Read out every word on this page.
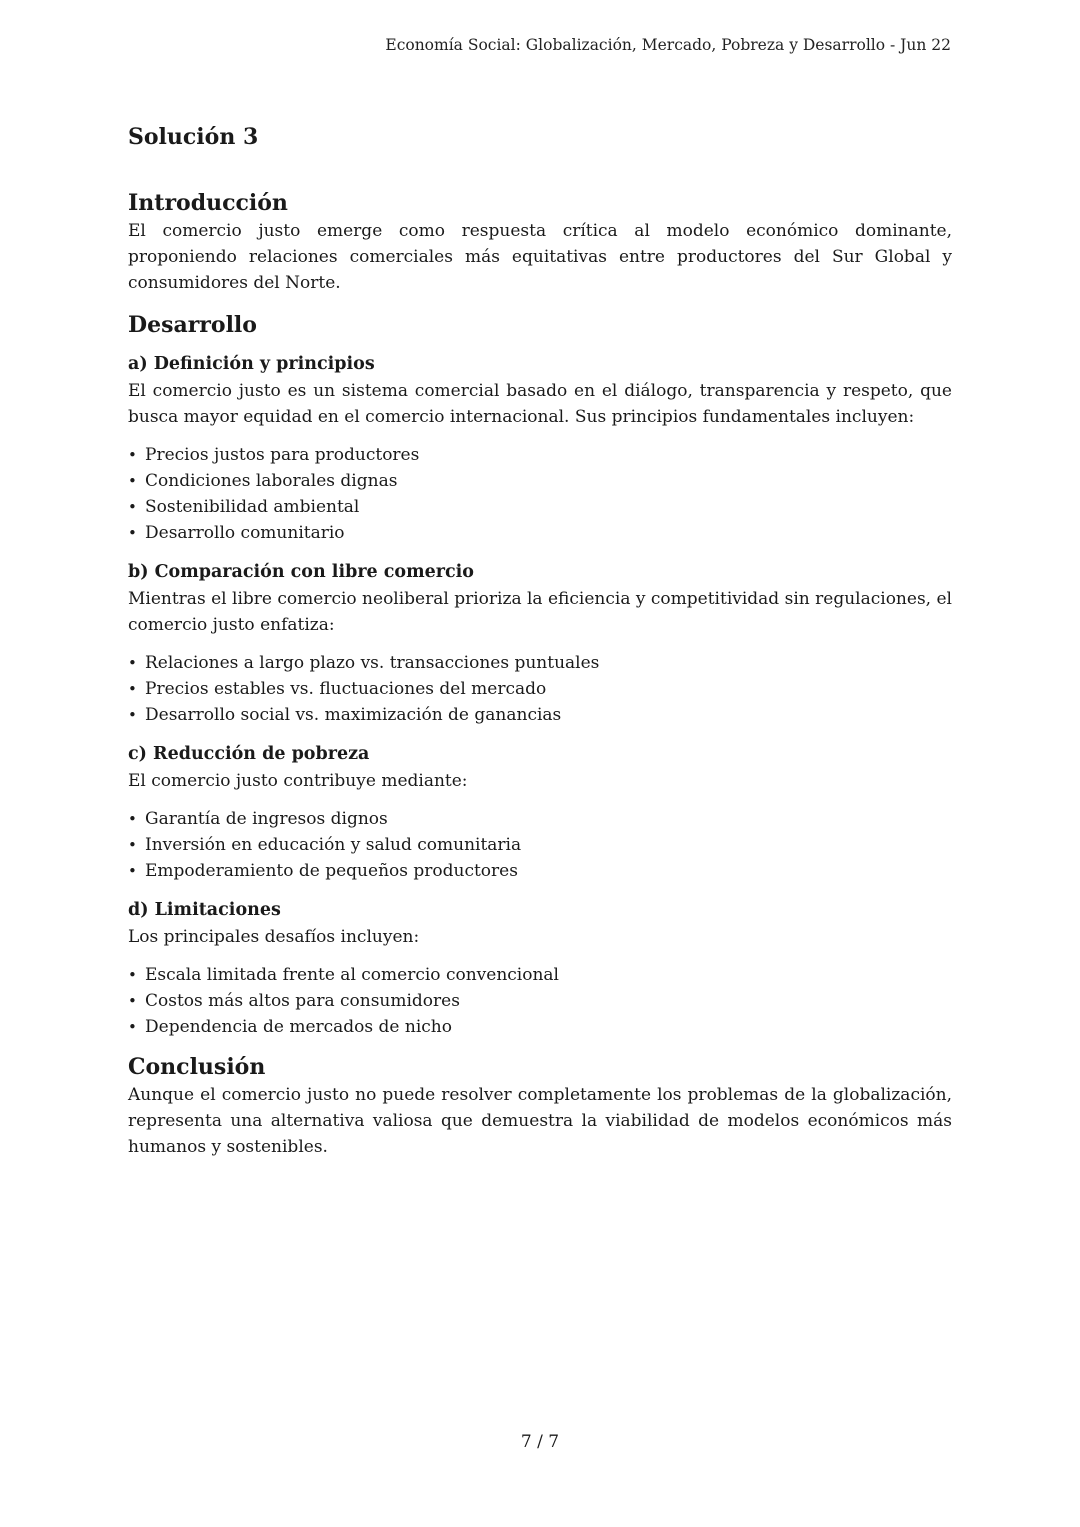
Economía Social: Globalización, Mercado, Pobreza y Desarrollo - Jun 22
Solución 3
Introducción

El comercio justo emerge como respuesta crítica al modelo económico dominante, proponiendo relaciones comerciales más equitativas entre productores del Sur Global y consumidores del Norte.

Desarrollo
a) Definición y principios

El comercio justo es un sistema comercial basado en el diálogo, transparencia y respeto, que busca mayor equidad en el comercio internacional. Sus principios fundamentales incluyen:

• Precios justos para productores
• Condiciones laborales dignas
• Sostenibilidad ambiental
• Desarrollo comunitario
b) Comparación con libre comercio

Mientras el libre comercio neoliberal prioriza la eficiencia y competitividad sin regulaciones, el comercio justo enfatiza:

• Relaciones a largo plazo vs. transacciones puntuales
• Precios estables vs. fluctuaciones del mercado
• Desarrollo social vs. maximización de ganancias
c) Reducción de pobreza

El comercio justo contribuye mediante:

• Garantía de ingresos dignos
• Inversión en educación y salud comunitaria
• Empoderamiento de pequeños productores
d) Limitaciones

Los principales desafíos incluyen:

• Escala limitada frente al comercio convencional
• Costos más altos para consumidores
• Dependencia de mercados de nicho
Conclusión

Aunque el comercio justo no puede resolver completamente los problemas de la globalización, representa una alternativa valiosa que demuestra la viabilidad de modelos económicos más humanos y sostenibles.

7 / 7
